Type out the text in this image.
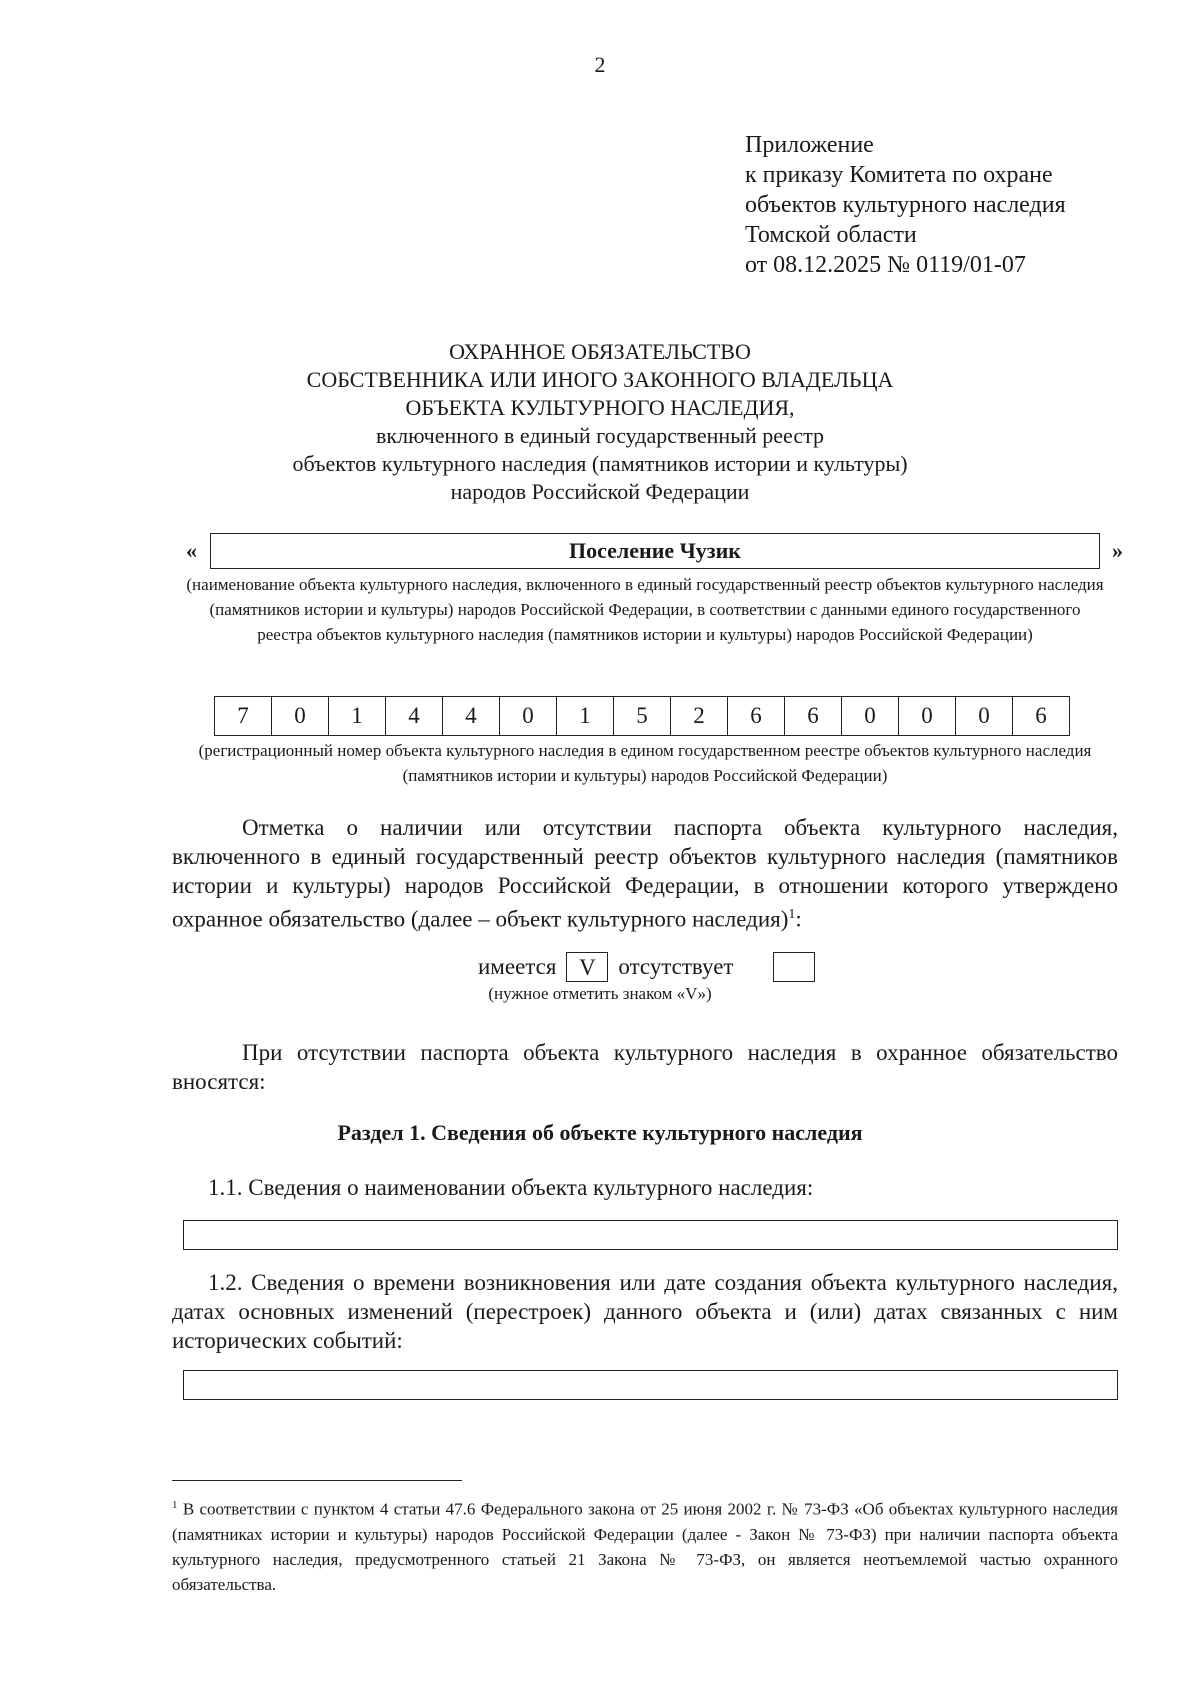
2
Приложение
к приказу Комитета по охране
объектов культурного наследия
Томской области
от 08.12.2025 № 0119/01-07
ОХРАННОЕ ОБЯЗАТЕЛЬСТВО
СОБСТВЕННИКА ИЛИ ИНОГО ЗАКОННОГО ВЛАДЕЛЬЦА
ОБЪЕКТА КУЛЬТУРНОГО НАСЛЕДИЯ,
включенного в единый государственный реестр
объектов культурного наследия (памятников истории и культуры)
народов Российской Федерации
«	Поселение Чузик	»
(наименование объекта культурного наследия, включенного в единый государственный реестр объектов культурного наследия (памятников истории и культуры) народов Российской Федерации, в соответствии с данными единого государственного реестра объектов культурного наследия (памятников истории и культуры) народов Российской Федерации)
7	0	1	4	4	0	1	5	2	6	6	0	0	0	6
(регистрационный номер объекта культурного наследия в едином государственном реестре объектов культурного наследия (памятников истории и культуры) народов Российской Федерации)
Отметка о наличии или отсутствии паспорта объекта культурного наследия, включенного в единый государственный реестр объектов культурного наследия (памятников истории и культуры) народов Российской Федерации, в отношении которого утверждено охранное обязательство (далее – объект культурного наследия)$^1$:
имеется V отсутствует
(нужное отметить знаком «V»)
При отсутствии паспорта объекта культурного наследия в охранное обязательство вносятся:
Раздел 1. Сведения об объекте культурного наследия
1.1. Сведения о наименовании объекта культурного наследия:
1.2. Сведения о времени возникновения или дате создания объекта культурного наследия, датах основных изменений (перестроек) данного объекта и (или) датах связанных с ним исторических событий:
$^1$ В соответствии с пунктом 4 статьи 47.6 Федерального закона от 25 июня 2002 г. № 73-ФЗ «Об объектах культурного наследия (памятниках истории и культуры) народов Российской Федерации (далее - Закон № 73-ФЗ) при наличии паспорта объекта культурного наследия, предусмотренного статьей 21 Закона № 73-ФЗ, он является неотъемлемой частью охранного обязательства.
